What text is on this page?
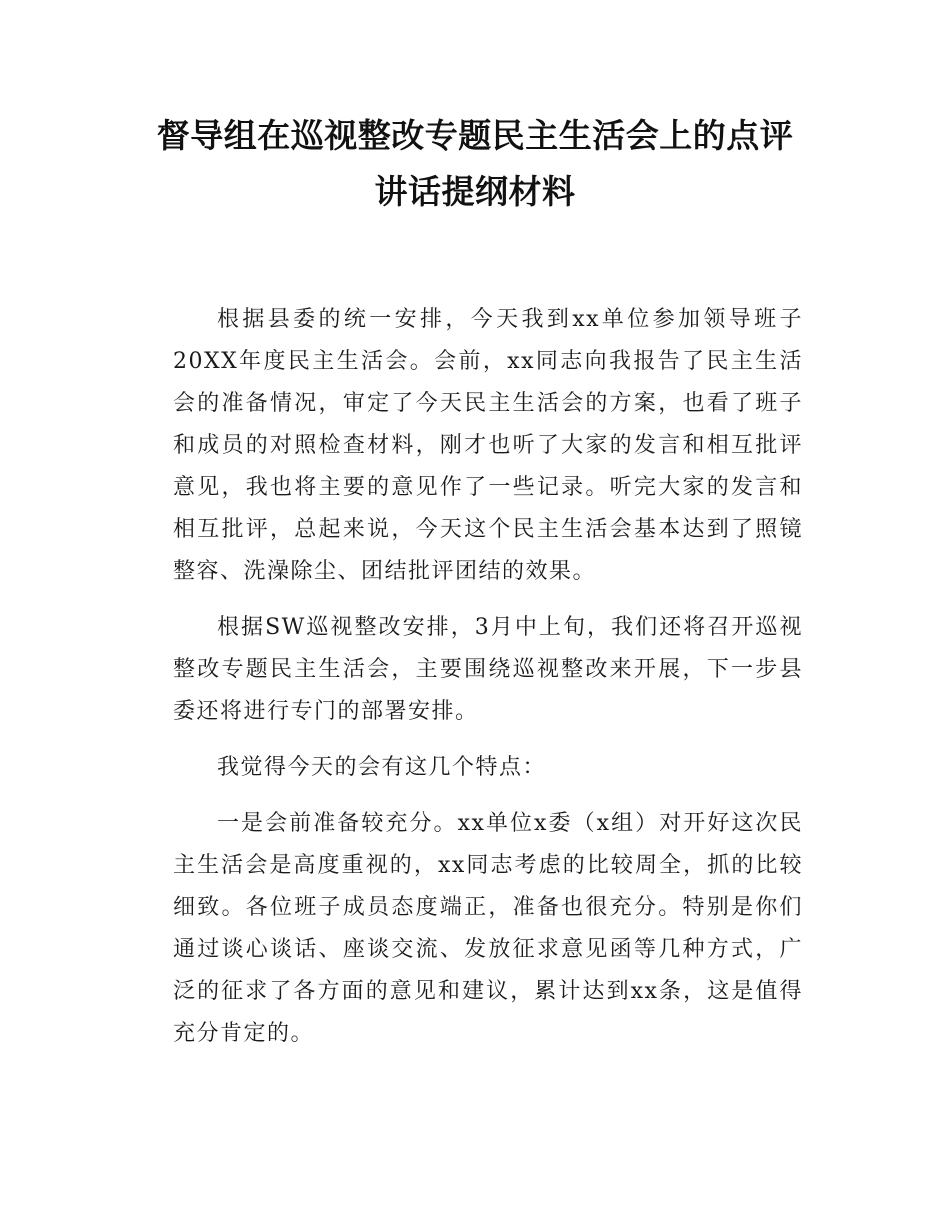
督导组在巡视整改专题民主生活会上的点评
讲话提纲材料

根据县委的统一安排，今天我到xx单位参加领导班子20XX年度民主生活会。会前，xx同志向我报告了民主生活会的准备情况，审定了今天民主生活会的方案，也看了班子和成员的对照检查材料，刚才也听了大家的发言和相互批评意见，我也将主要的意见作了一些记录。听完大家的发言和相互批评，总起来说，今天这个民主生活会基本达到了照镜整容、洗澡除尘、团结批评团结的效果。

根据SW巡视整改安排，3月中上旬，我们还将召开巡视整改专题民主生活会，主要围绕巡视整改来开展，下一步县委还将进行专门的部署安排。

我觉得今天的会有这几个特点：

一是会前准备较充分。xx单位x委（x组）对开好这次民主生活会是高度重视的，xx同志考虑的比较周全，抓的比较细致。各位班子成员态度端正，准备也很充分。特别是你们通过谈心谈话、座谈交流、发放征求意见函等几种方式，广泛的征求了各方面的意见和建议，累计达到xx条，这是值得充分肯定的。
